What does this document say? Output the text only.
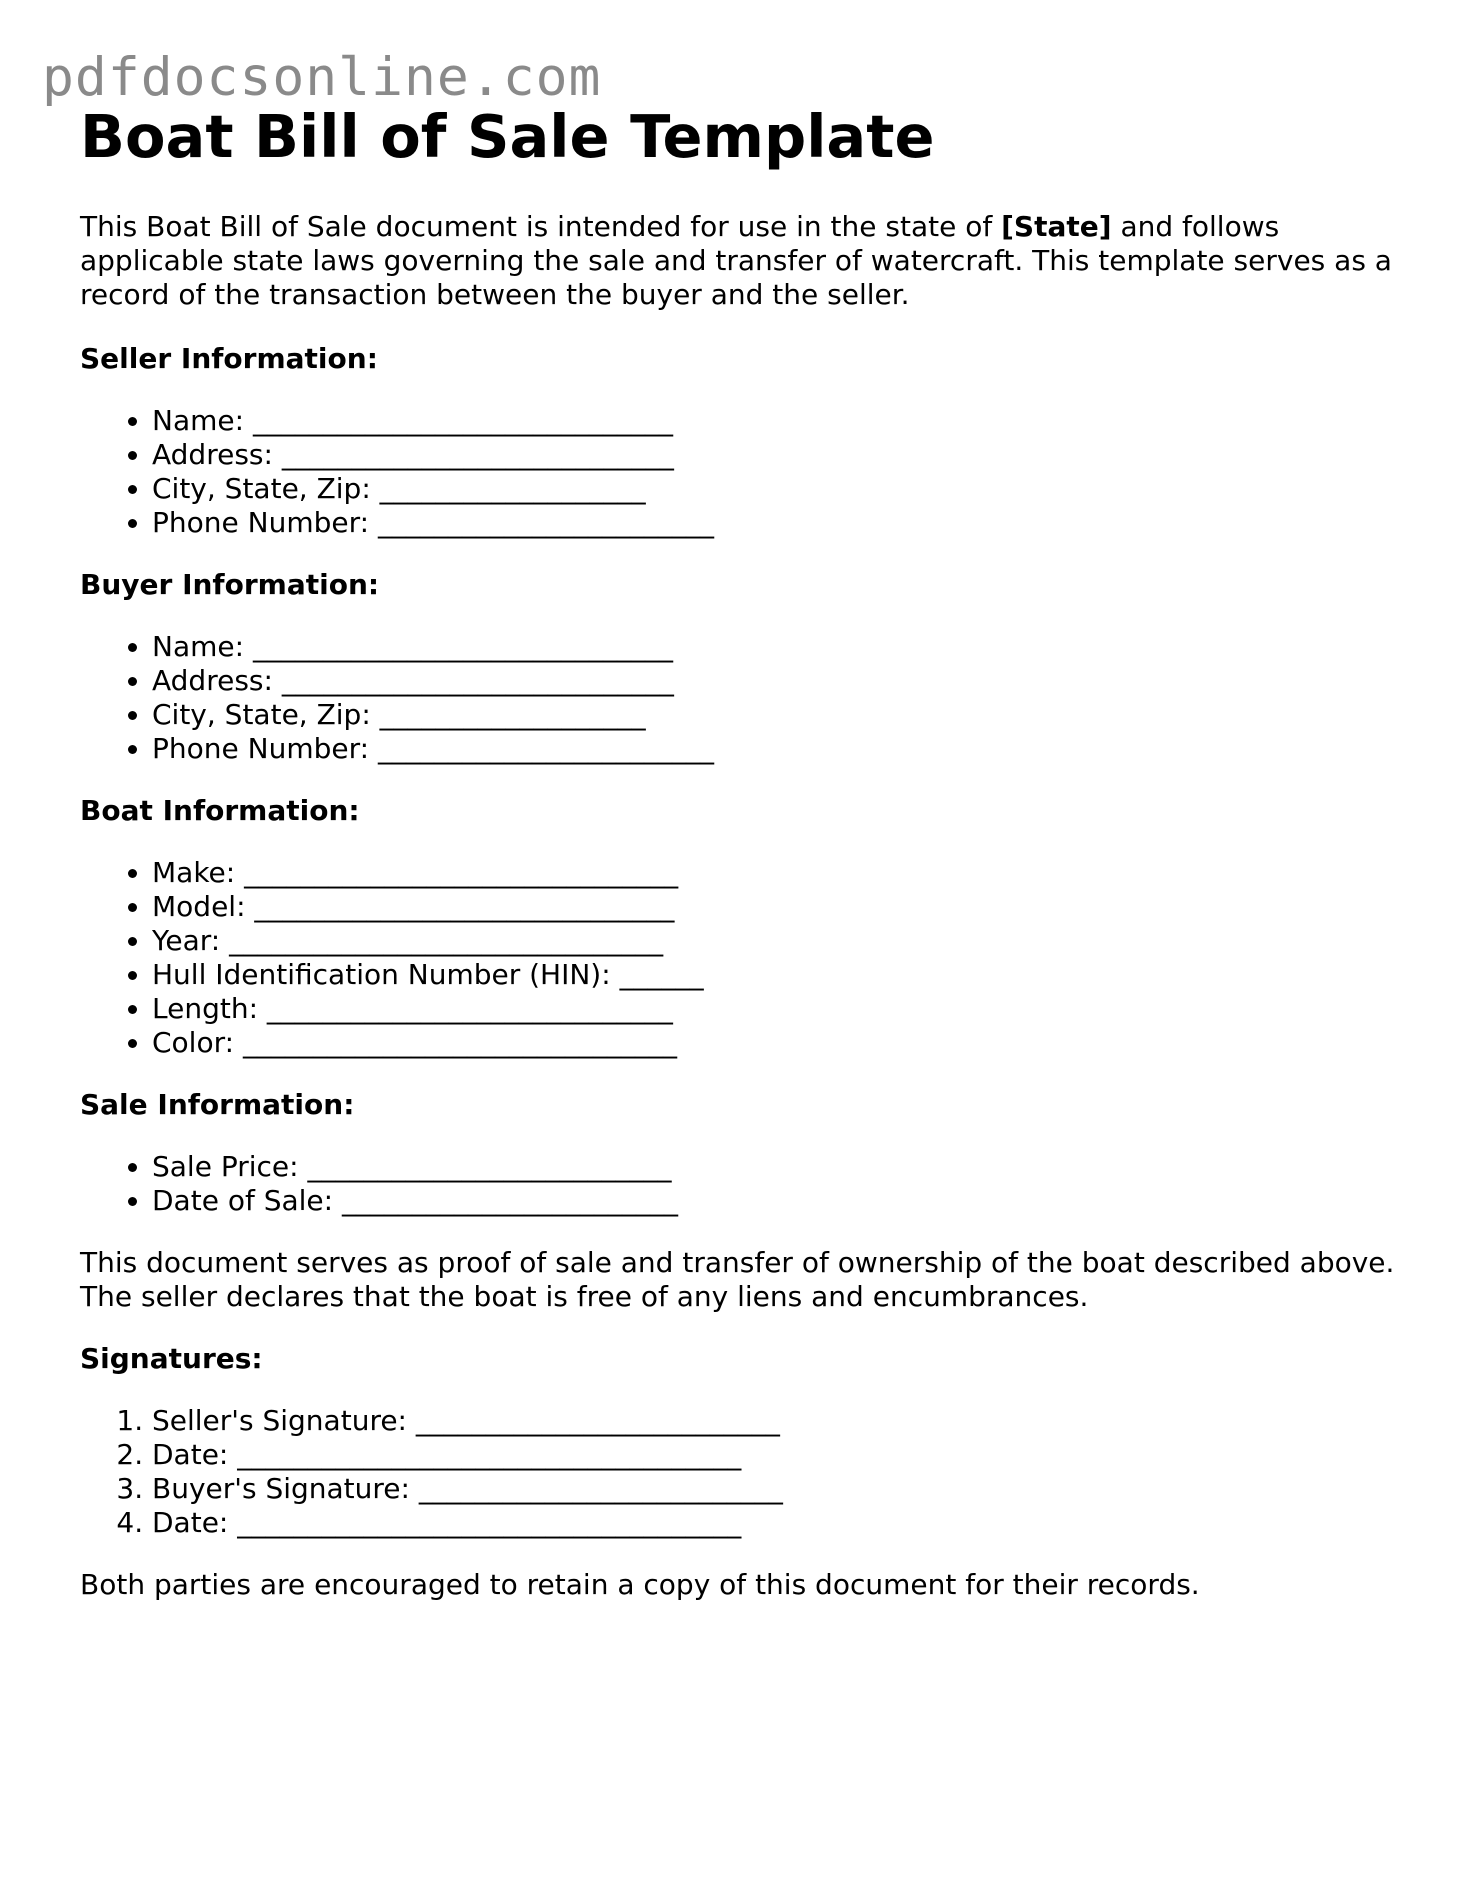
pdfdocsonline.com
Boat Bill of Sale Template

This Boat Bill of Sale document is intended for use in the state of [State] and follows applicable state laws governing the sale and transfer of watercraft. This template serves as a record of the transaction between the buyer and the seller.

Seller Information:
• Name: ______________________________
• Address: ____________________________
• City, State, Zip: ___________________
• Phone Number: ________________________
Buyer Information:
• Name: ______________________________
• Address: ____________________________
• City, State, Zip: ___________________
• Phone Number: ________________________
Boat Information:
• Make: _______________________________
• Model: ______________________________
• Year: _______________________________
• Hull Identification Number (HIN): ______
• Length: _____________________________
• Color: _______________________________
Sale Information:
• Sale Price: __________________________
• Date of Sale: ________________________

This document serves as proof of sale and transfer of ownership of the boat described above. The seller declares that the boat is free of any liens and encumbrances.

Signatures:
1. Seller's Signature: __________________________
2. Date: ____________________________________
3. Buyer's Signature: __________________________
4. Date: ____________________________________

Both parties are encouraged to retain a copy of this document for their records.
